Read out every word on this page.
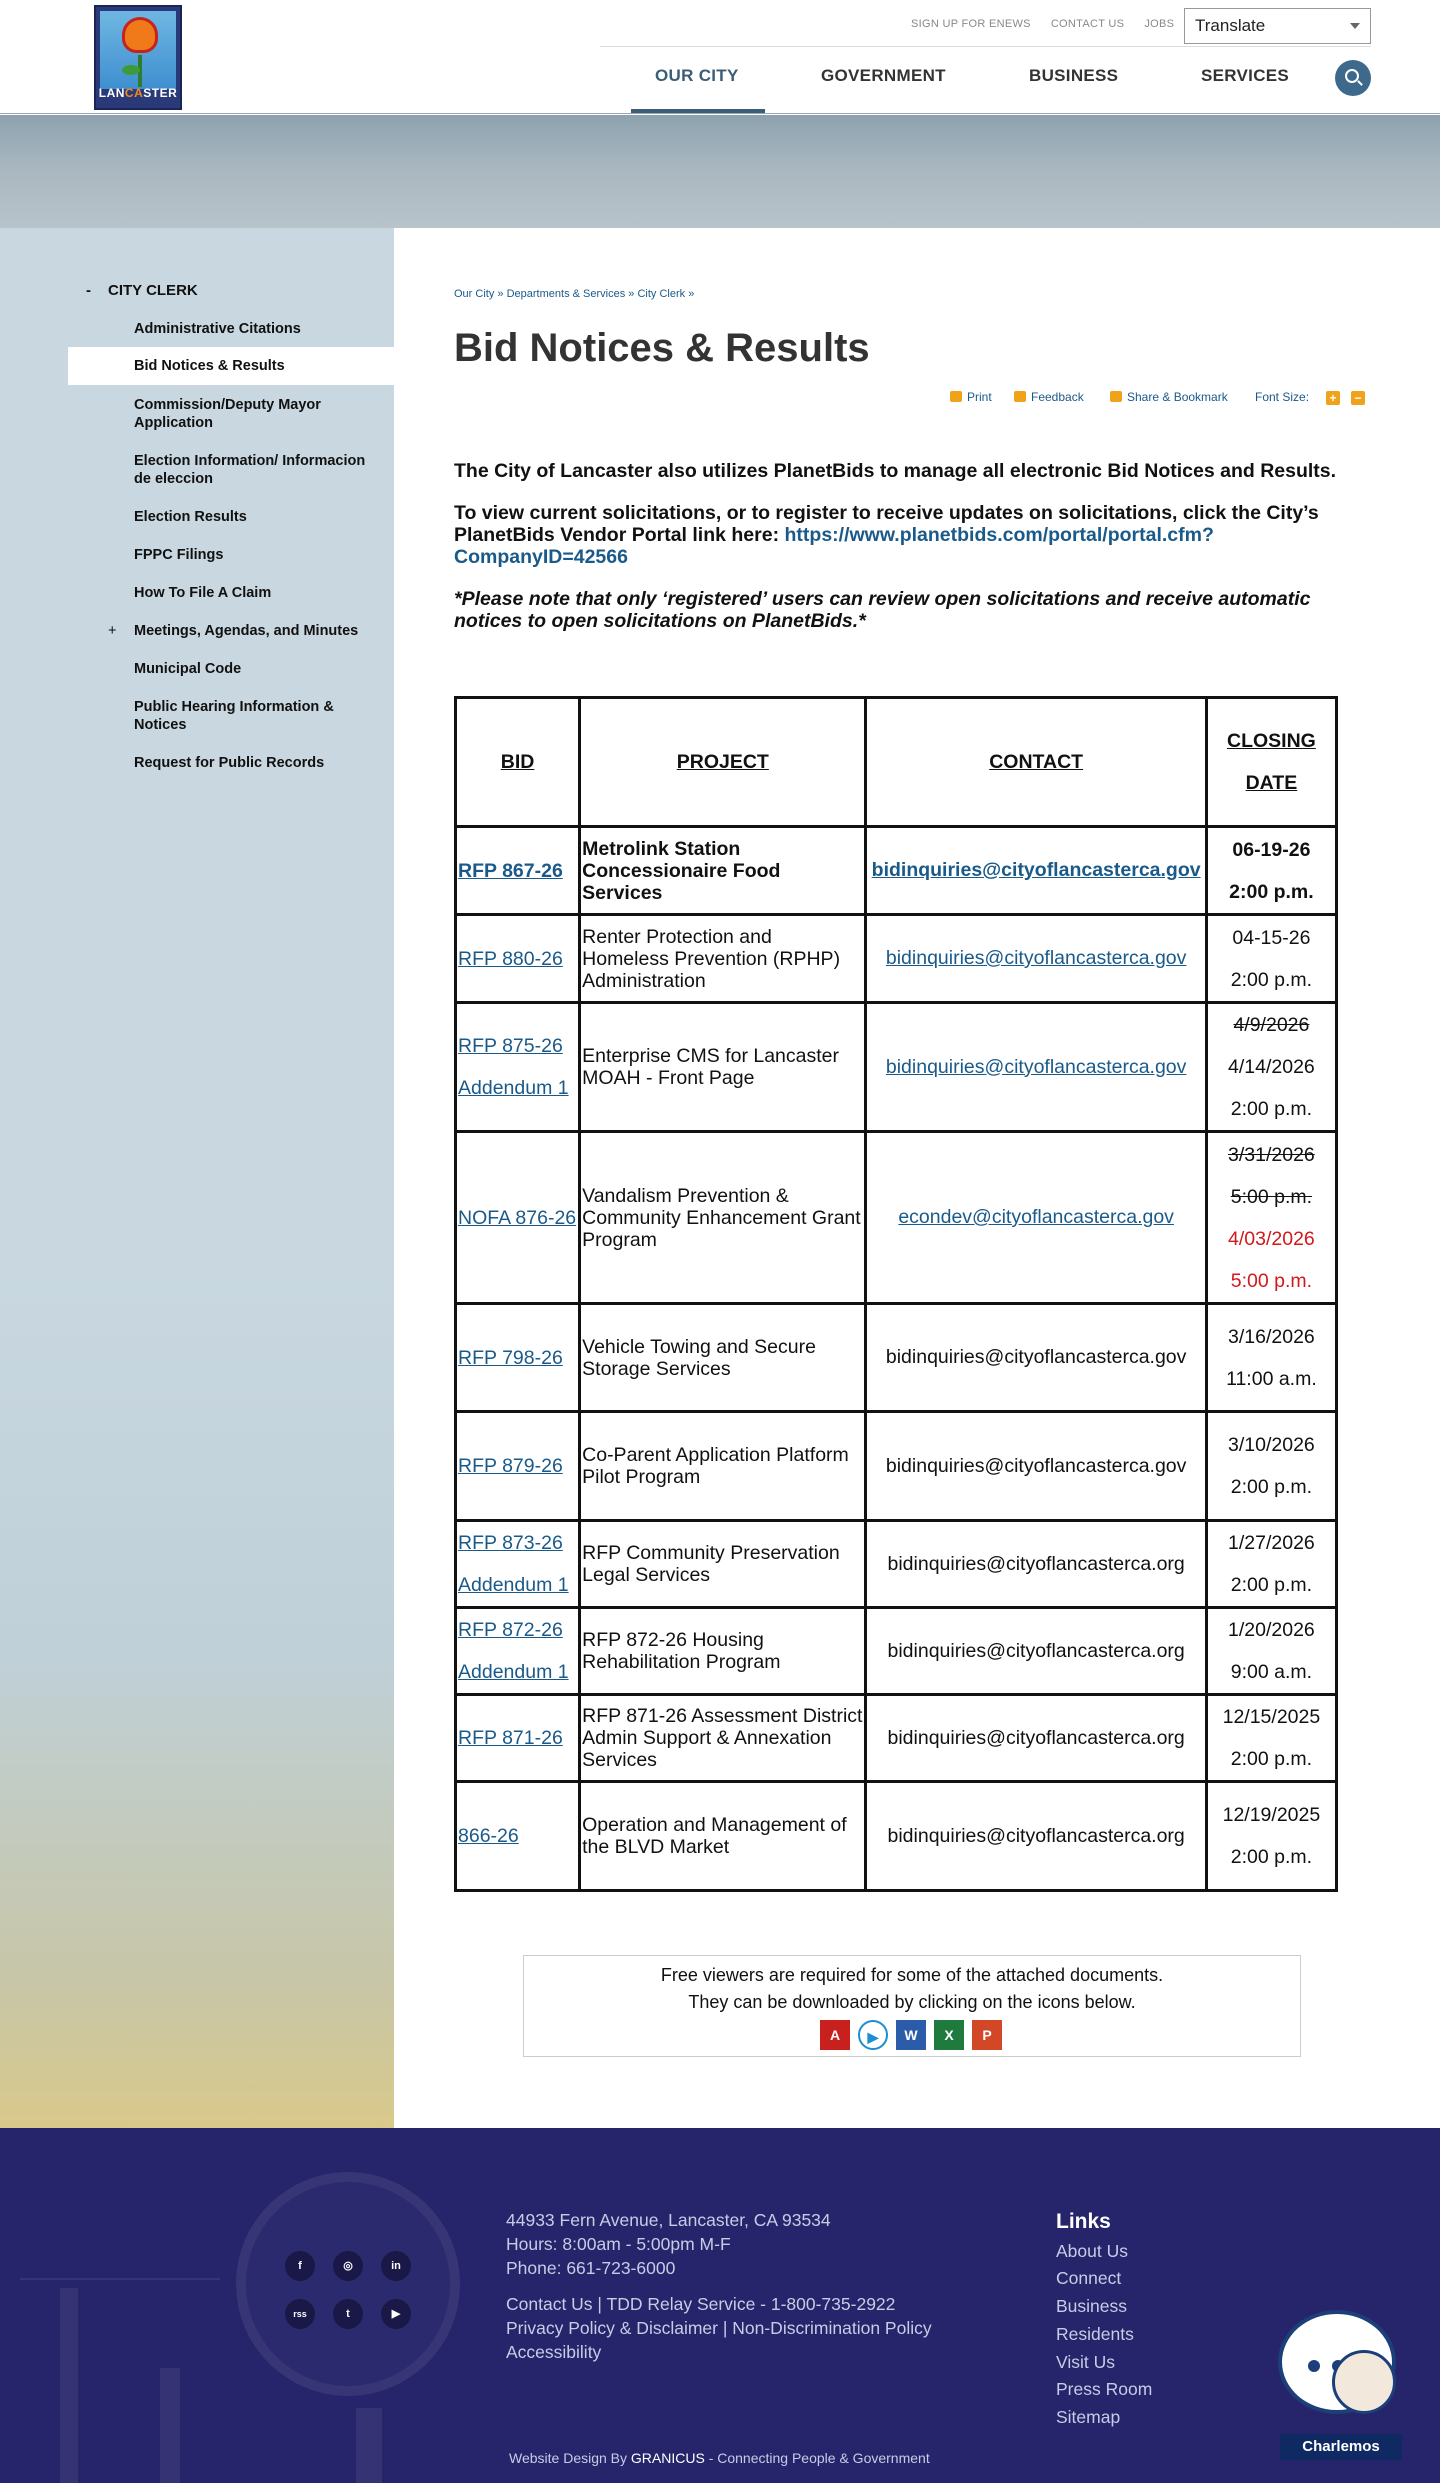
LANCASTER
SIGN UP FOR ENEWS CONTACT US JOBS	Translate
OUR CITY	GOVERNMENT	BUSINESS	SERVICES
- CITY CLERK
Administrative Citations
Bid Notices & Results
Commission/Deputy Mayor Application
Election Information/ Informacion de eleccion
Election Results
FPPC Filings
How To File A Claim
+ Meetings, Agendas, and Minutes
Municipal Code
Public Hearing Information & Notices
Request for Public Records
Our City » Departments & Services » City Clerk »
Bid Notices & Results
Print	Feedback	Share & Bookmark Font Size: + −

The City of Lancaster also utilizes PlanetBids to manage all electronic Bid Notices and Results.

To view current solicitations, or to register to receive updates on solicitations, click the City’s PlanetBids Vendor Portal link here: https://www.planetbids.com/portal/portal.cfm?CompanyID=42566

*Please note that only ‘registered’ users can review open solicitations and receive automatic notices to open solicitations on PlanetBids.*

BID	PROJECT	CONTACT	CLOSING
DATE

RFP 867-26	Metrolink Station Concessionaire Food Services	bidinquiries@cityoflancasterca.gov	06-19-26
2:00 p.m.

RFP 880-26	Renter Protection and Homeless Prevention (RPHP) Administration	bidinquiries@cityoflancasterca.gov	04-15-26
2:00 p.m.

RFP 875-26
Addendum 1	Enterprise CMS for Lancaster MOAH - Front Page	bidinquiries@cityoflancasterca.gov	4/9/2026
4/14/2026
2:00 p.m.

NOFA 876-26	Vandalism Prevention & Community Enhancement Grant Program	econdev@cityoflancasterca.gov	3/31/2026
5:00 p.m.
4/03/2026
5:00 p.m.

RFP 798-26	Vehicle Towing and Secure Storage Services	bidinquiries@cityoflancasterca.gov	3/16/2026
11:00 a.m.

RFP 879-26	Co-Parent Application Platform Pilot Program	bidinquiries@cityoflancasterca.gov	3/10/2026
2:00 p.m.

RFP 873-26
Addendum 1	RFP Community Preservation Legal Services	bidinquiries@cityoflancasterca.org	1/27/2026
2:00 p.m.

RFP 872-26
Addendum 1	RFP 872-26 Housing Rehabilitation Program	bidinquiries@cityoflancasterca.org	1/20/2026
9:00 a.m.

RFP 871-26	RFP 871-26 Assessment District Admin Support & Annexation Services	bidinquiries@cityoflancasterca.org	12/15/2025
2:00 p.m.

866-26	Operation and Management of the BLVD Market	bidinquiries@cityoflancasterca.org	12/19/2025
2:00 p.m.
Free viewers are required for some of the attached documents.
They can be downloaded by clicking on the icons below.
A	▶	W	X	P
f	◎	in
rss	t	▶
44933 Fern Avenue, Lancaster, CA 93534
Hours: 8:00am - 5:00pm M-F
Phone: 661-723-6000
Contact Us | TDD Relay Service - 1-800-735-2922
Privacy Policy & Disclaimer | Non-Discrimination Policy
Accessibility
Links
About Us
Connect
Business
Residents
Visit Us
Press Room
Sitemap
Website Design By GRANICUS - Connecting People & Government
Charlemos
